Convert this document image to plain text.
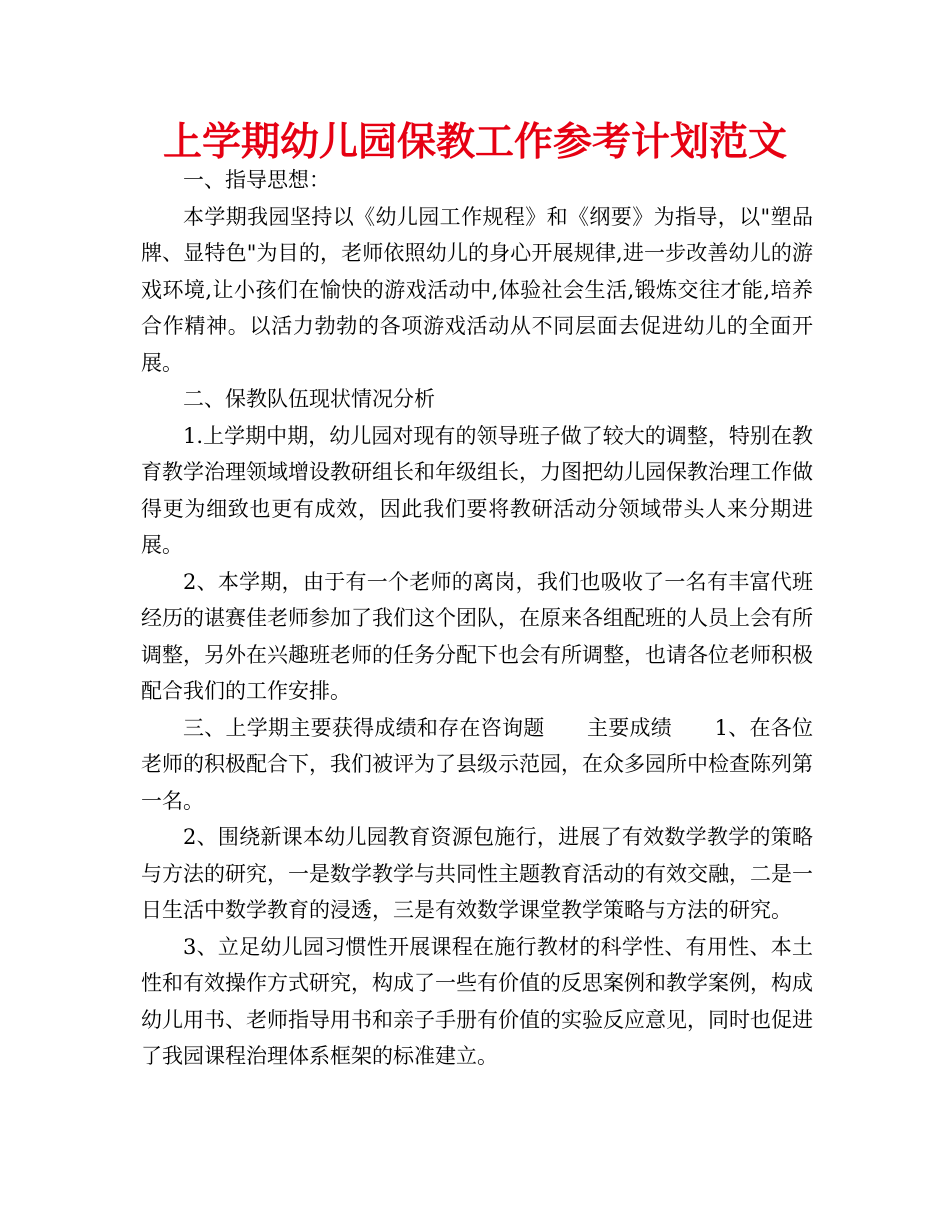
上学期幼儿园保教工作参考计划范文

一、指导思想：

本学期我园坚持以《幼儿园工作规程》和《纲要》为指导，以"塑品牌、显特色"为目的，老师依照幼儿的身心开展规律,进一步改善幼儿的游戏环境,让小孩们在愉快的游戏活动中,体验社会生活,锻炼交往才能,培养合作精神。以活力勃勃的各项游戏活动从不同层面去促进幼儿的全面开展。

二、保教队伍现状情况分析

1.上学期中期，幼儿园对现有的领导班子做了较大的调整，特别在教育教学治理领域增设教研组长和年级组长，力图把幼儿园保教治理工作做得更为细致也更有成效，因此我们要将教研活动分领域带头人来分期进展。

2、本学期，由于有一个老师的离岗，我们也吸收了一名有丰富代班经历的谌赛佳老师参加了我们这个团队，在原来各组配班的人员上会有所调整，另外在兴趣班老师的任务分配下也会有所调整，也请各位老师积极配合我们的工作安排。

三、上学期主要获得成绩和存在咨询题　　主要成绩　　1、在各位老师的积极配合下，我们被评为了县级示范园，在众多园所中检查陈列第一名。

2、围绕新课本幼儿园教育资源包施行，进展了有效数学教学的策略与方法的研究，一是数学教学与共同性主题教育活动的有效交融，二是一日生活中数学教育的浸透，三是有效数学课堂教学策略与方法的研究。

3、立足幼儿园习惯性开展课程在施行教材的科学性、有用性、本土性和有效操作方式研究，构成了一些有价值的反思案例和教学案例，构成幼儿用书、老师指导用书和亲子手册有价值的实验反应意见，同时也促进了我园课程治理体系框架的标准建立。
